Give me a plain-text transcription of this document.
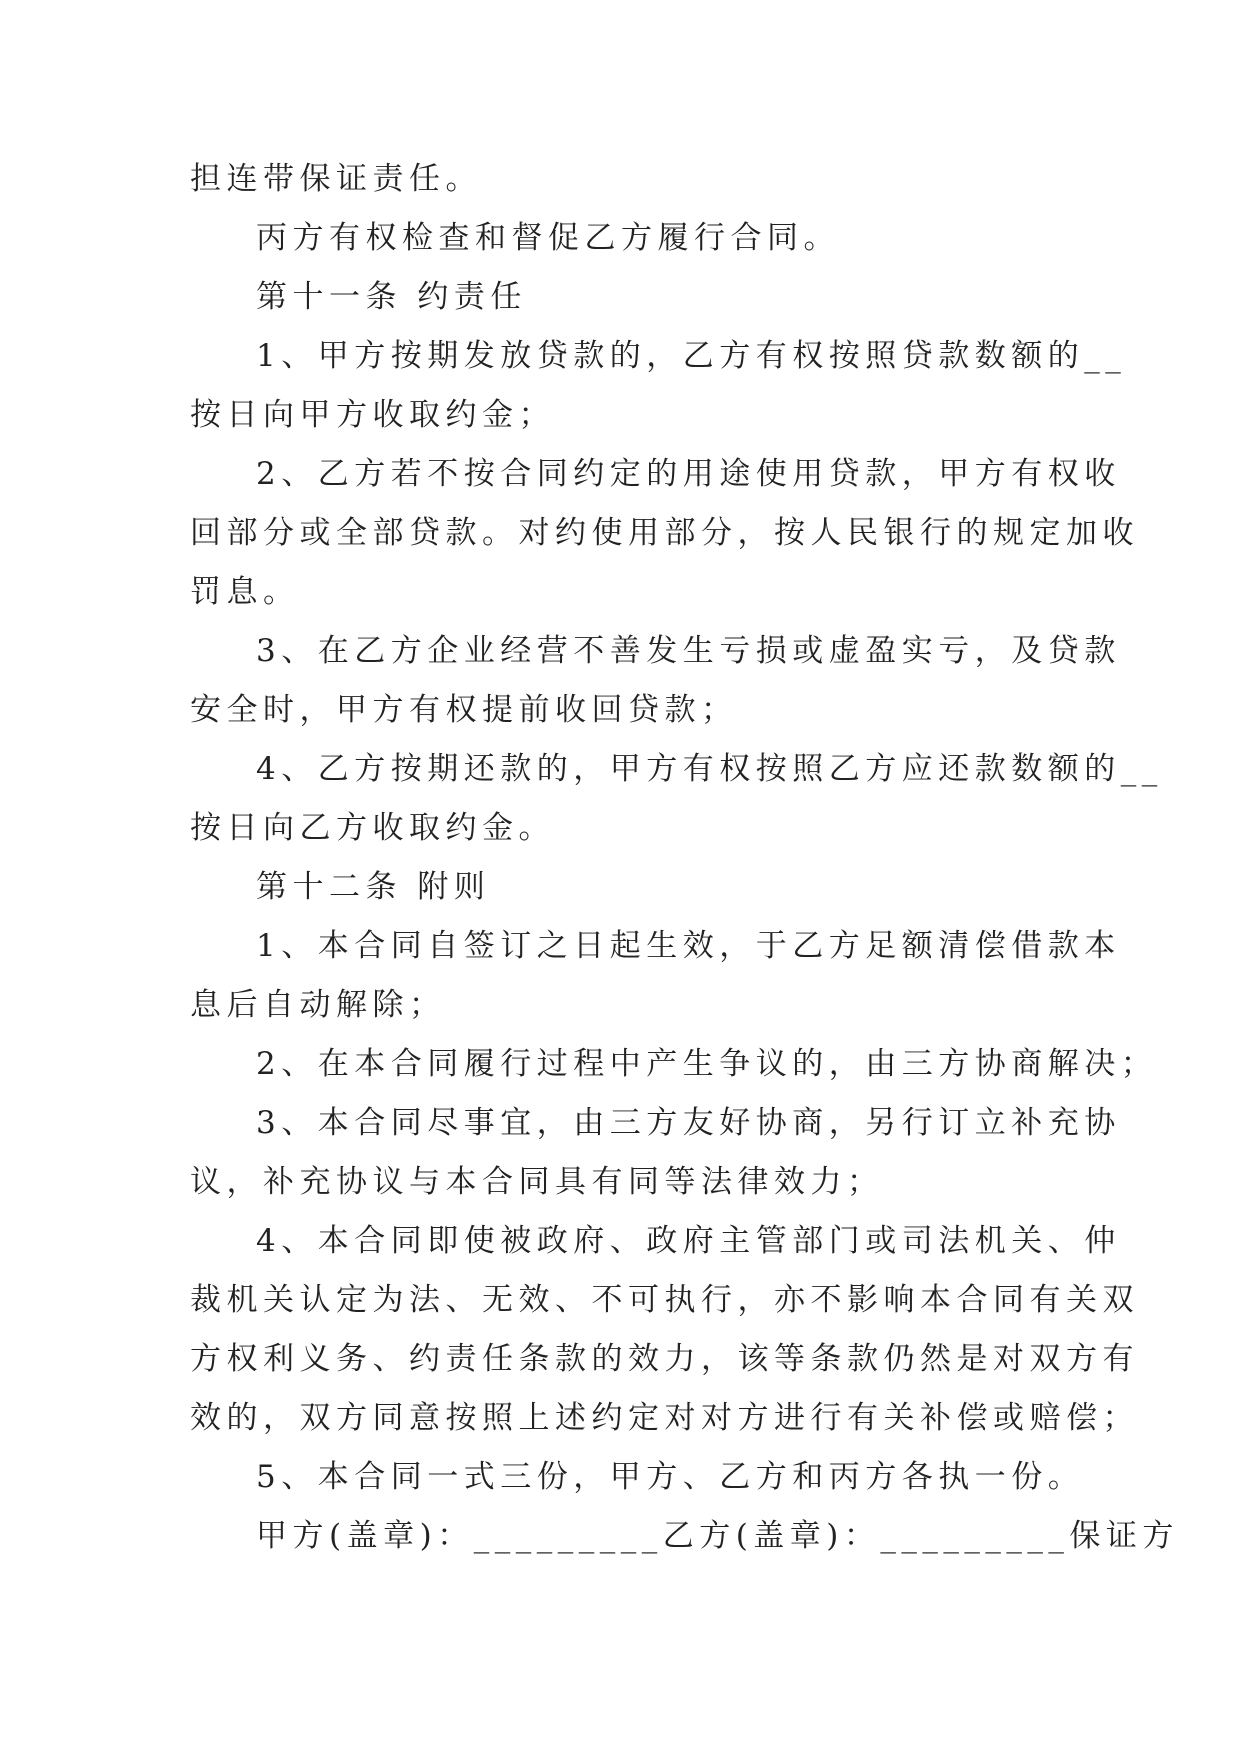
担连带保证责任。
丙方有权检查和督促乙方履行合同。
第十一条 约责任
1、甲方按期发放贷款的，乙方有权按照贷款数额的__
按日向甲方收取约金；
2、乙方若不按合同约定的用途使用贷款，甲方有权收
回部分或全部贷款。对约使用部分，按人民银行的规定加收
罚息。
3、在乙方企业经营不善发生亏损或虚盈实亏，及贷款
安全时，甲方有权提前收回贷款；
4、乙方按期还款的，甲方有权按照乙方应还款数额的__
按日向乙方收取约金。
第十二条 附则
1、本合同自签订之日起生效，于乙方足额清偿借款本
息后自动解除；
2、在本合同履行过程中产生争议的，由三方协商解决；
3、本合同尽事宜，由三方友好协商，另行订立补充协
议，补充协议与本合同具有同等法律效力；
4、本合同即使被政府、政府主管部门或司法机关、仲
裁机关认定为法、无效、不可执行，亦不影响本合同有关双
方权利义务、约责任条款的效力，该等条款仍然是对双方有
效的，双方同意按照上述约定对对方进行有关补偿或赔偿；
5、本合同一式三份，甲方、乙方和丙方各执一份。
甲方(盖章)：_________乙方(盖章)：_________保证方
